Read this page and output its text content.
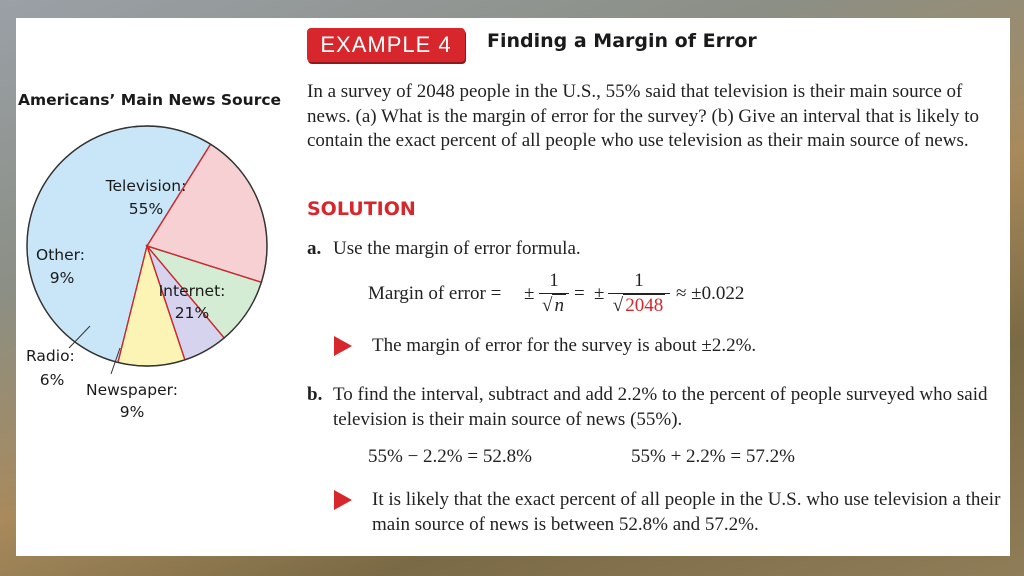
EXAMPLE 4	Finding a Margin of Error
Americans’ Main News Source
Television:
55%
Internet:
21%
Newspaper:
9%
Radio:
6%
Other:
9%
In a survey of 2048 people in the U.S., 55% said that television is their main source of news. (a) What is the margin of error for the survey? (b) Give an interval that is likely to contain the exact percent of all people who use television as their main source of news.
SOLUTION
a. Use the margin of error formula.
Margin of error = ±
1
√ n
= ±
1
√ 2048
≈ ±0.022
The margin of error for the survey is about ±2.2%.
b. To find the interval, subtract and add 2.2% to the percent of people surveyed who said television is their main source of news (55%).
55% − 2.2% = 52.8%	55% + 2.2% = 57.2%
It is likely that the exact percent of all people in the U.S. who use television a their main source of news is between 52.8% and 57.2%.
